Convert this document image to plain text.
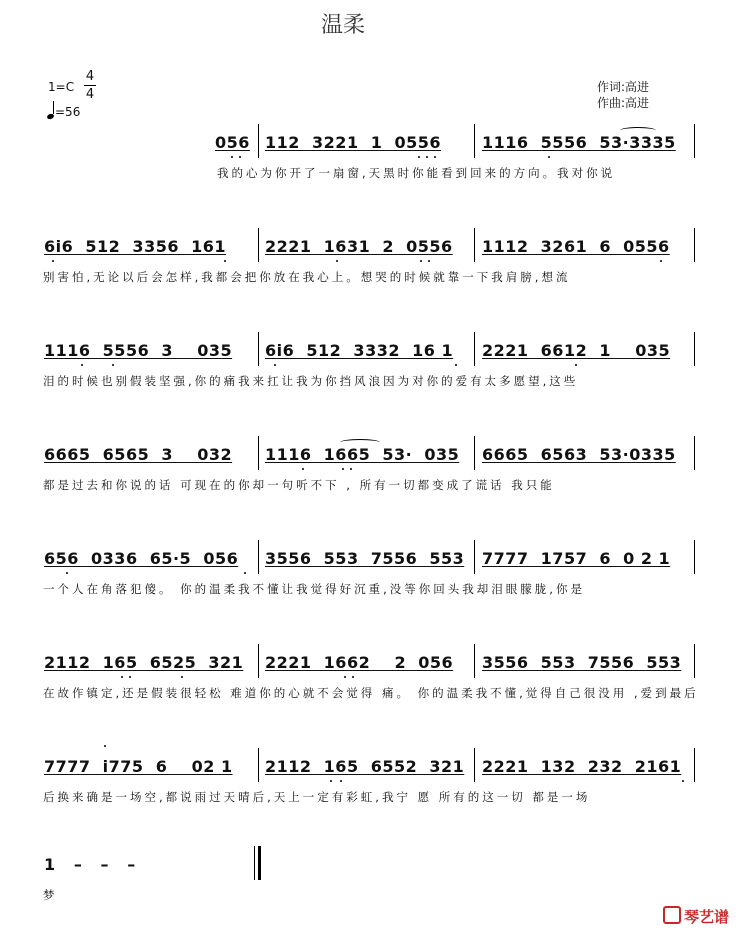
温柔
1=C
4
4
=56
作词:高进
作曲:高进
056 112  3221  1  0556	1116  5556  53·3335
我的心为你开了一扇窗,天黑时你能看到回来的方向。我对你说
6i6  512  3356  161 2221  1631  2  0556 1112  3261  6  0556
别害怕,无论以后会怎样,我都会把你放在我心上。想哭的时候就靠一下我肩膀,想流
1116  5556  3    035 6i6  512  3332  16 1 2221  6612  1    035
泪的时候也别假装坚强,你的痛我来扛让我为你挡风浪因为对你的爱有太多愿望,这些
6665  6565  3    032 1116  1665  53·  035 6665  6563  53·0335
都是过去和你说的话 可现在的你却一句听不下 , 所有一切都变成了谎话 我只能
656  0336  65·5  056 3556  553  7556  553 7777  1757  6  0 2 1
一个人在角落犯傻。 你的温柔我不懂让我觉得好沉重,没等你回头我却泪眼朦胧,你是
2112  165  6525  321 2221  1662    2  056 3556  553  7556  553
在故作镇定,还是假装很轻松 难道你的心就不会觉得 痛。 你的温柔我不懂,觉得自己很没用 ,爱到最后
7777  i775  6    02 1 2112  165  6552  321 2221  132  232  2161
后换来确是一场空,都说雨过天晴后,天上一定有彩虹,我宁 愿 所有的这一切 都是一场
1   –   –   –
梦
琴艺谱
